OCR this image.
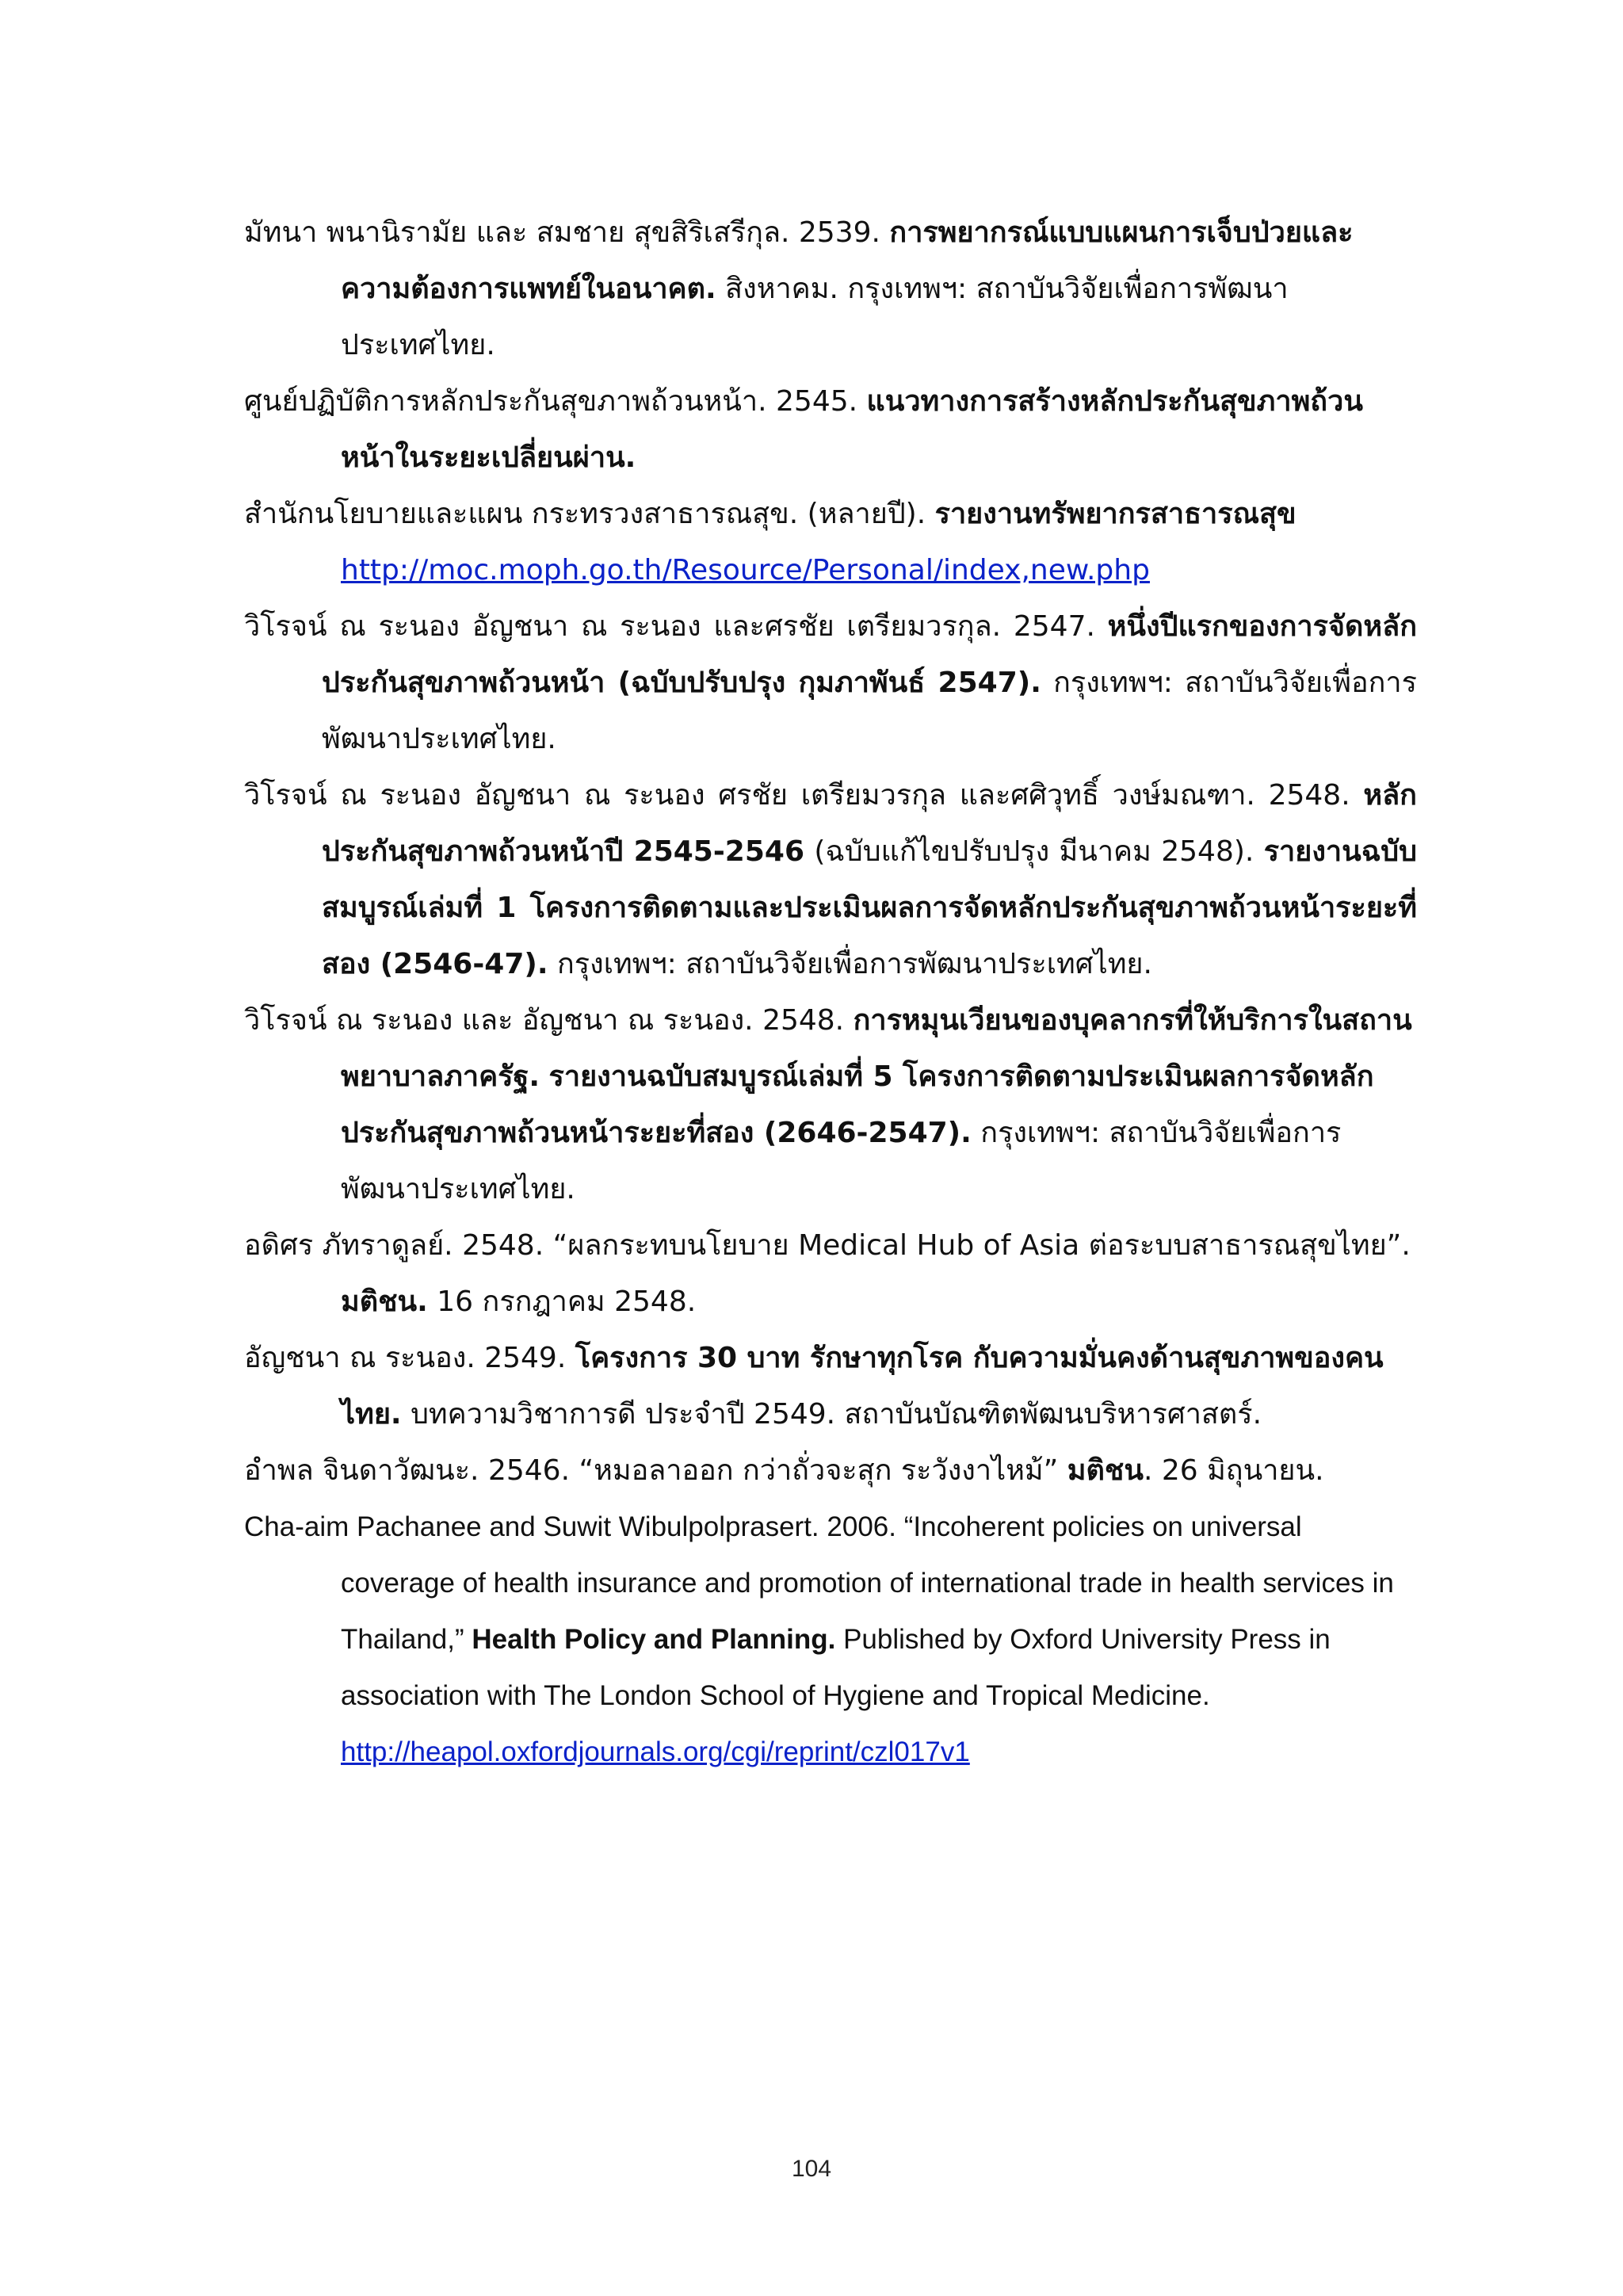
มัทนา พนานิรามัย และ สมชาย สุขสิริเสรีกุล. 2539. การพยากรณ์แบบแผนการเจ็บป่วยและความต้องการแพทย์ในอนาคต. สิงหาคม. กรุงเทพฯ: สถาบันวิจัยเพื่อการพัฒนาประเทศไทย.

ศูนย์ปฏิบัติการหลักประกันสุขภาพถ้วนหน้า. 2545. แนวทางการสร้างหลักประกันสุขภาพถ้วนหน้าในระยะเปลี่ยนผ่าน.

สำนักนโยบายและแผน กระทรวงสาธารณสุข. (หลายปี). รายงานทรัพยากรสาธารณสุข
http://moc.moph.go.th/Resource/Personal/index,new.php

วิโรจน์ ณ ระนอง อัญชนา ณ ระนอง และศรชัย เตรียมวรกุล. 2547. หนึ่งปีแรกของการจัดหลักประกันสุขภาพถ้วนหน้า (ฉบับปรับปรุง กุมภาพันธ์ 2547). กรุงเทพฯ: สถาบันวิจัยเพื่อการพัฒนาประเทศไทย.

วิโรจน์ ณ ระนอง อัญชนา ณ ระนอง ศรชัย เตรียมวรกุล และศศิวุทธิ์ วงษ์มณฑา. 2548. หลักประกันสุขภาพถ้วนหน้าปี 2545-2546 (ฉบับแก้ไขปรับปรุง มีนาคม 2548). รายงานฉบับสมบูรณ์เล่มที่ 1 โครงการติดตามและประเมินผลการจัดหลักประกันสุขภาพถ้วนหน้าระยะที่สอง (2546-47). กรุงเทพฯ: สถาบันวิจัยเพื่อการพัฒนาประเทศไทย.

วิโรจน์ ณ ระนอง และ อัญชนา ณ ระนอง. 2548. การหมุนเวียนของบุคลากรที่ให้บริการในสถานพยาบาลภาครัฐ. รายงานฉบับสมบูรณ์เล่มที่ 5 โครงการติดตามประเมินผลการจัดหลักประกันสุขภาพถ้วนหน้าระยะที่สอง (2646-2547). กรุงเทพฯ: สถาบันวิจัยเพื่อการพัฒนาประเทศไทย.

อดิศร ภัทราดูลย์. 2548. “ผลกระทบนโยบาย Medical Hub of Asia ต่อระบบสาธารณสุขไทย”.
มติชน. 16 กรกฎาคม 2548.

อัญชนา ณ ระนอง. 2549. โครงการ 30 บาท รักษาทุกโรค กับความมั่นคงด้านสุขภาพของคนไทย. บทความวิชาการดี ประจำปี 2549. สถาบันบัณฑิตพัฒนบริหารศาสตร์.

อำพล จินดาวัฒนะ. 2546. “หมอลาออก กว่าถั่วจะสุก ระวังงาไหม้” มติชน. 26 มิถุนายน.

Cha-aim Pachanee and Suwit Wibulpolprasert. 2006. “Incoherent policies on universal coverage of health insurance and promotion of international trade in health services in Thailand,” Health Policy and Planning. Published by Oxford University Press in association with The London School of Hygiene and Tropical Medicine. http://heapol.oxfordjournals.org/cgi/reprint/czl017v1

104
